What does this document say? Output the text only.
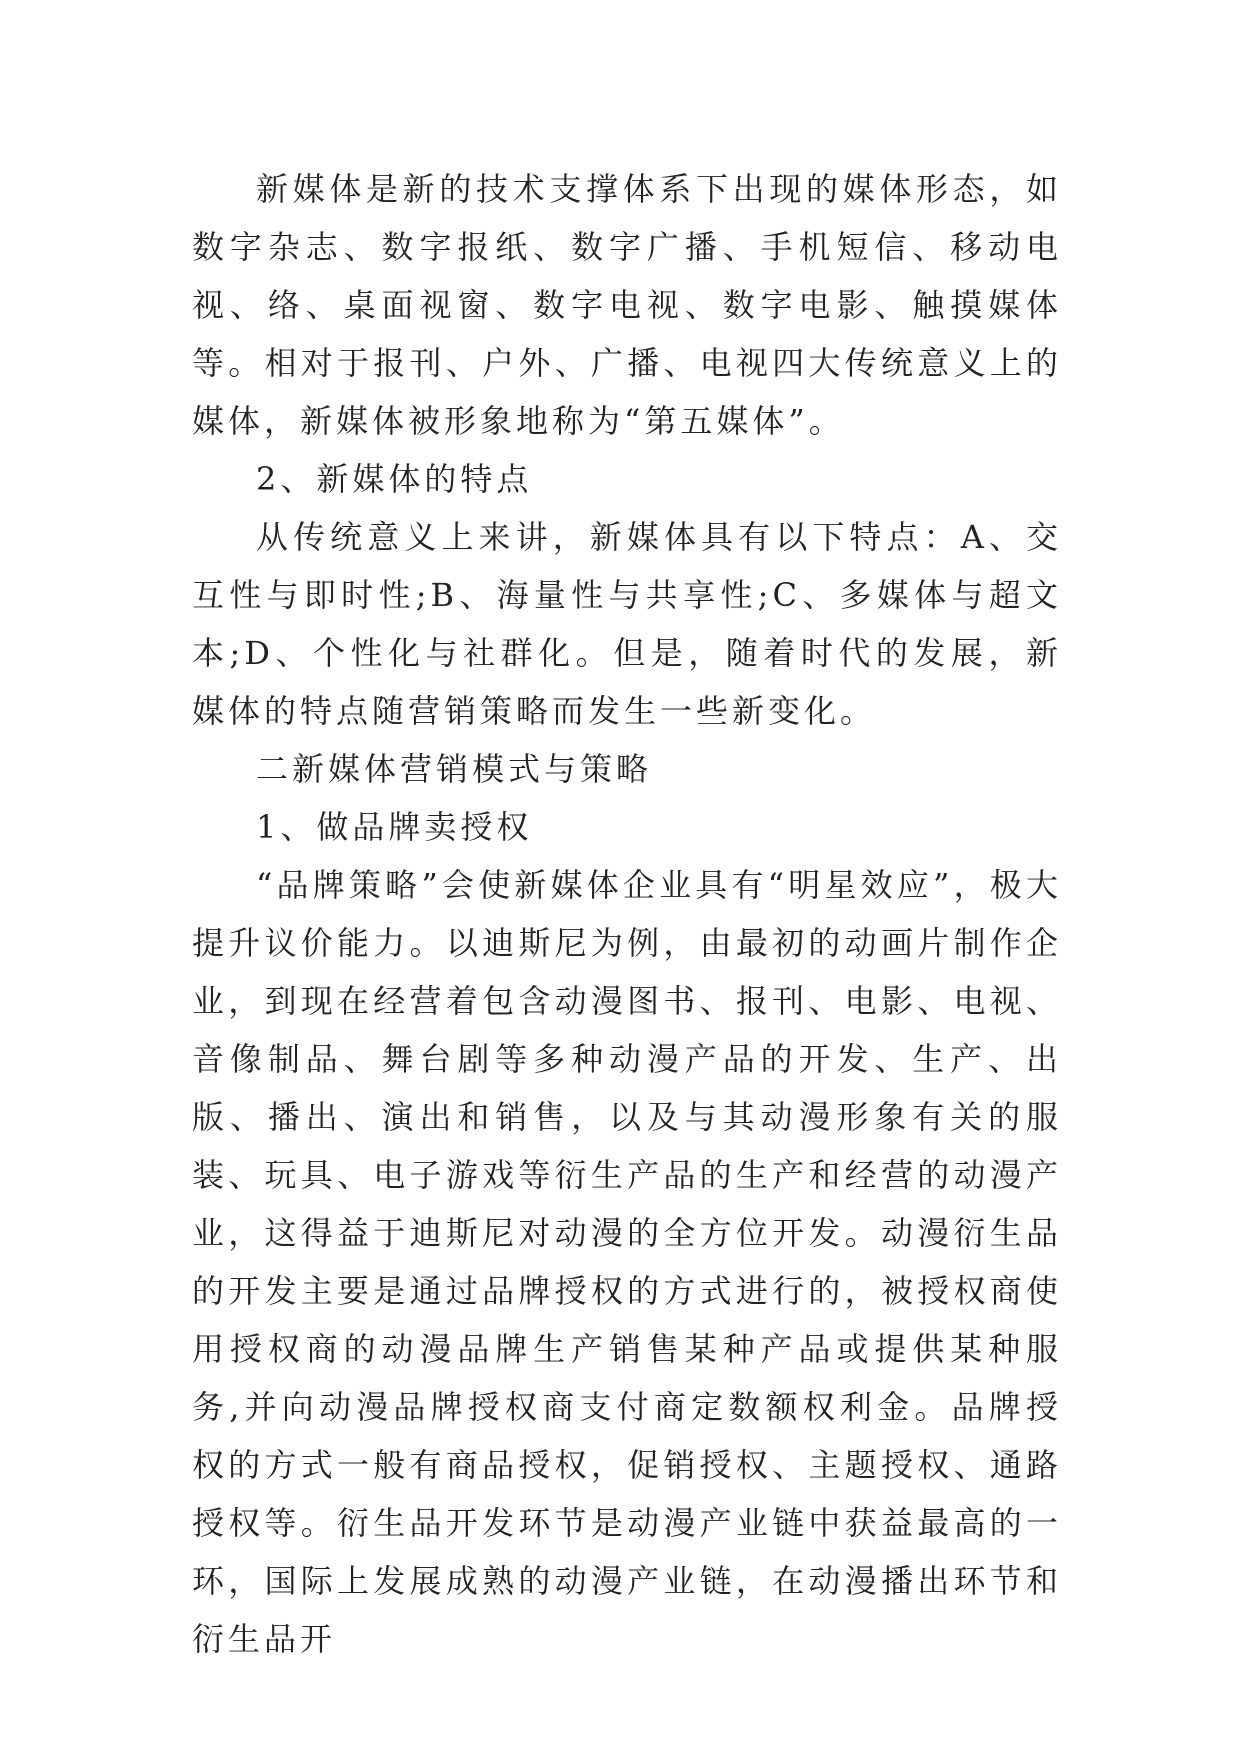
新媒体是新的技术支撑体系下出现的媒体形态，如数字杂志、数字报纸、数字广播、手机短信、移动电视、络、桌面视窗、数字电视、数字电影、触摸媒体等。相对于报刊、户外、广播、电视四大传统意义上的媒体，新媒体被形象地称为“第五媒体”。

2、新媒体的特点

从传统意义上来讲，新媒体具有以下特点：A、交互性与即时性;B、海量性与共享性;C、多媒体与超文本;D、个性化与社群化。但是，随着时代的发展，新媒体的特点随营销策略而发生一些新变化。

二新媒体营销模式与策略

1、做品牌卖授权

“品牌策略”会使新媒体企业具有“明星效应”，极大提升议价能力。以迪斯尼为例，由最初的动画片制作企业，到现在经营着包含动漫图书、报刊、电影、电视、音像制品、舞台剧等多种动漫产品的开发、生产、出版、播出、演出和销售，以及与其动漫形象有关的服装、玩具、电子游戏等衍生产品的生产和经营的动漫产业，这得益于迪斯尼对动漫的全方位开发。动漫衍生品的开发主要是通过品牌授权的方式进行的，被授权商使用授权商的动漫品牌生产销售某种产品或提供某种服务,并向动漫品牌授权商支付商定数额权利金。品牌授权的方式一般有商品授权，促销授权、主题授权、通路授权等。衍生品开发环节是动漫产业链中获益最高的一环，国际上发展成熟的动漫产业链，在动漫播出环节和衍生品开
